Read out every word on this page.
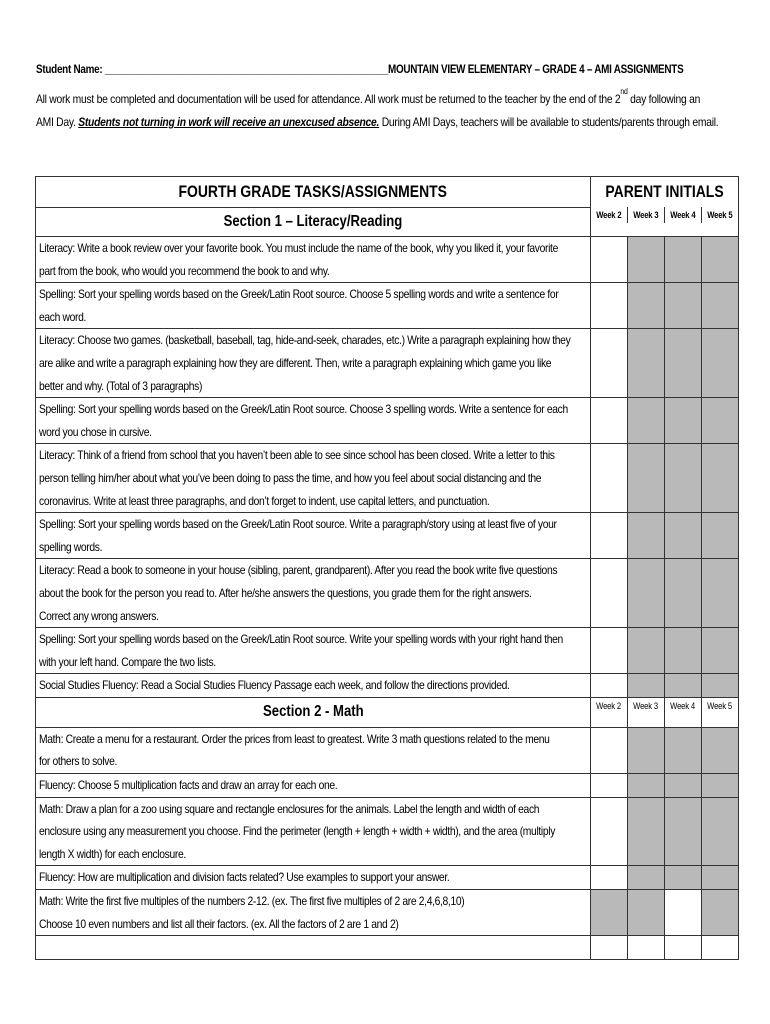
Student Name: ______________________________________________________MOUNTAIN VIEW ELEMENTARY – GRADE 4 – AMI ASSIGNMENTS
All work must be completed and documentation will be used for attendance. All work must be returned to the teacher by the end of the 2nd day following an
AMI Day. Students not turning in work will receive an unexcused absence. During AMI Days, teachers will be available to students/parents through email.
FOURTH GRADE TASKS/ASSIGNMENTS	PARENT INITIALS
Week 2 Week 3 Week 4 Week 5			

Section 1 – Literacy/Reading				

Literacy: Write a book review over your favorite book. You must include the name of the book, why you liked it, your favorite
part from the book, who would you recommend the book to and why.				

Spelling: Sort your spelling words based on the Greek/Latin Root source. Choose 5 spelling words and write a sentence for
each word.				

Literacy: Choose two games. (basketball, baseball, tag, hide-and-seek, charades, etc.) Write a paragraph explaining how they
are alike and write a paragraph explaining how they are different. Then, write a paragraph explaining which game you like
better and why. (Total of 3 paragraphs)				

Spelling: Sort your spelling words based on the Greek/Latin Root source. Choose 3 spelling words. Write a sentence for each
word you chose in cursive.				

Literacy: Think of a friend from school that you haven’t been able to see since school has been closed. Write a letter to this
person telling him/her about what you’ve been doing to pass the time, and how you feel about social distancing and the
coronavirus. Write at least three paragraphs, and don’t forget to indent, use capital letters, and punctuation.				

Spelling: Sort your spelling words based on the Greek/Latin Root source. Write a paragraph/story using at least five of your
spelling words.				

Literacy: Read a book to someone in your house (sibling, parent, grandparent). After you read the book write five questions
about the book for the person you read to. After he/she answers the questions, you grade them for the right answers.
Correct any wrong answers.				

Spelling: Sort your spelling words based on the Greek/Latin Root source. Write your spelling words with your right hand then
with your left hand. Compare the two lists.				

Social Studies Fluency: Read a Social Studies Fluency Passage each week, and follow the directions provided.				

Section 2 - Math	Week 2	Week 3	Week 4	Week 5

Math: Create a menu for a restaurant. Order the prices from least to greatest. Write 3 math questions related to the menu
for others to solve.				

Fluency: Choose 5 multiplication facts and draw an array for each one.				

Math: Draw a plan for a zoo using square and rectangle enclosures for the animals. Label the length and width of each
enclosure using any measurement you choose. Find the perimeter (length + length + width + width), and the area (multiply
length X width) for each enclosure.				

Fluency: How are multiplication and division facts related? Use examples to support your answer.				

Math: Write the first five multiples of the numbers 2-12. (ex. The first five multiples of 2 are 2,4,6,8,10)
Choose 10 even numbers and list all their factors. (ex. All the factors of 2 are 1 and 2)				
